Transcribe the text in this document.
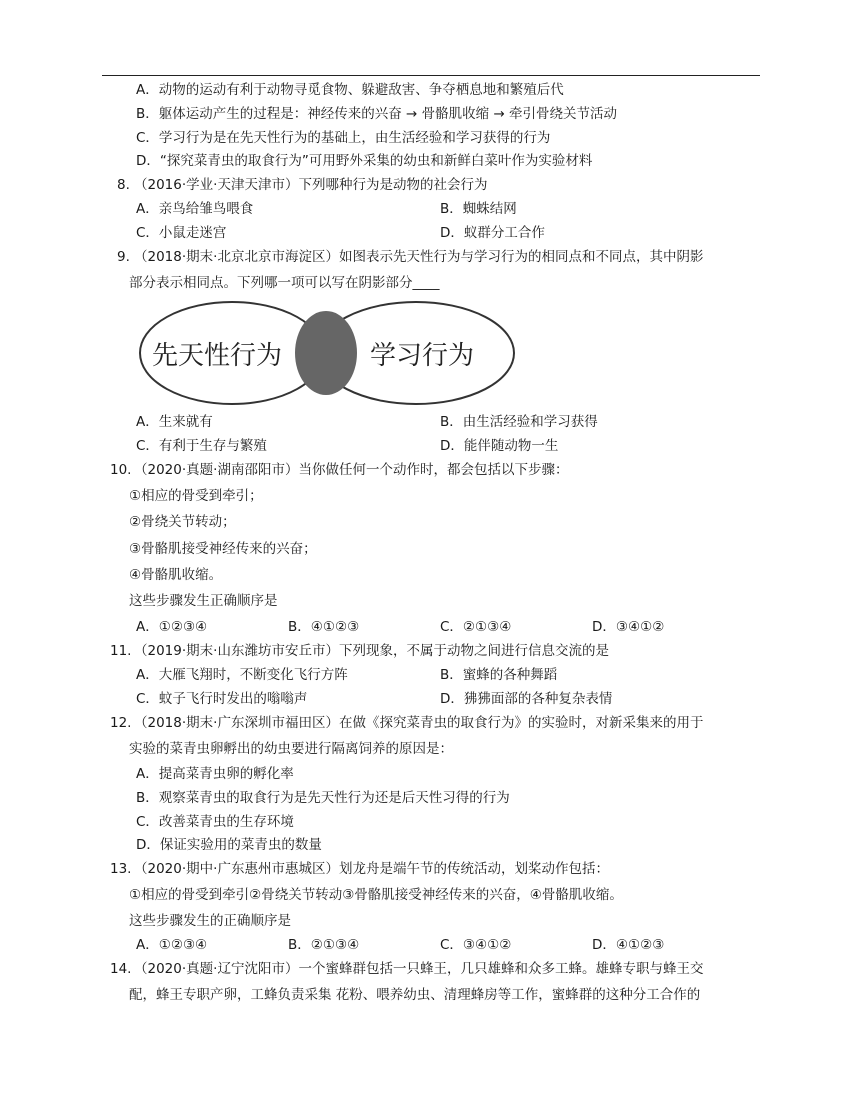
A．动物的运动有利于动物寻觅食物、躲避敌害、争夺栖息地和繁殖后代
B．躯体运动产生的过程是：神经传来的兴奋 → 骨骼肌收缩 → 牵引骨绕关节活动
C．学习行为是在先天性行为的基础上，由生活经验和学习获得的行为
D．“探究菜青虫的取食行为”可用野外采集的幼虫和新鲜白菜叶作为实验材料
8. （2016·学业·天津天津市）下列哪种行为是动物的社会行为
A．亲鸟给雏鸟喂食	B．蜘蛛结网
C．小鼠走迷宫	D．蚁群分工合作
9. （2018·期末·北京北京市海淀区）如图表示先天性行为与学习行为的相同点和不同点，其中阴影
部分表示相同点。下列哪一项可以写在阴影部分____
先天性行为	学习行为
A．生来就有	B．由生活经验和学习获得
C．有利于生存与繁殖	D．能伴随动物一生
10. （2020·真题·湖南邵阳市）当你做任何一个动作时，都会包括以下步骤：
①相应的骨受到牵引；
②骨绕关节转动；
③骨骼肌接受神经传来的兴奋；
④骨骼肌收缩。
这些步骤发生正确顺序是
A．①②③④	B．④①②③	C．②①③④	D．③④①②
11. （2019·期末·山东潍坊市安丘市）下列现象，不属于动物之间进行信息交流的是
A．大雁飞翔时，不断变化飞行方阵	B．蜜蜂的各种舞蹈
C．蚊子飞行时发出的嗡嗡声	D．狒狒面部的各种复杂表情
12. （2018·期末·广东深圳市福田区）在做《探究菜青虫的取食行为》的实验时，对新采集来的用于
实验的菜青虫卵孵出的幼虫要进行隔离饲养的原因是：
A．提高菜青虫卵的孵化率
B．观察菜青虫的取食行为是先天性行为还是后天性习得的行为
C．改善菜青虫的生存环境
D．保证实验用的菜青虫的数量
13. （2020·期中·广东惠州市惠城区）划龙舟是端午节的传统活动，划桨动作包括：
①相应的骨受到牵引②骨绕关节转动③骨骼肌接受神经传来的兴奋，④骨骼肌收缩。
这些步骤发生的正确顺序是
A．①②③④	B．②①③④	C．③④①②	D．④①②③
14. （2020·真题·辽宁沈阳市）一个蜜蜂群包括一只蜂王，几只雄蜂和众多工蜂。雄蜂专职与蜂王交
配，蜂王专职产卵，工蜂负责采集 花粉、喂养幼虫、清理蜂房等工作，蜜蜂群的这种分工合作的
